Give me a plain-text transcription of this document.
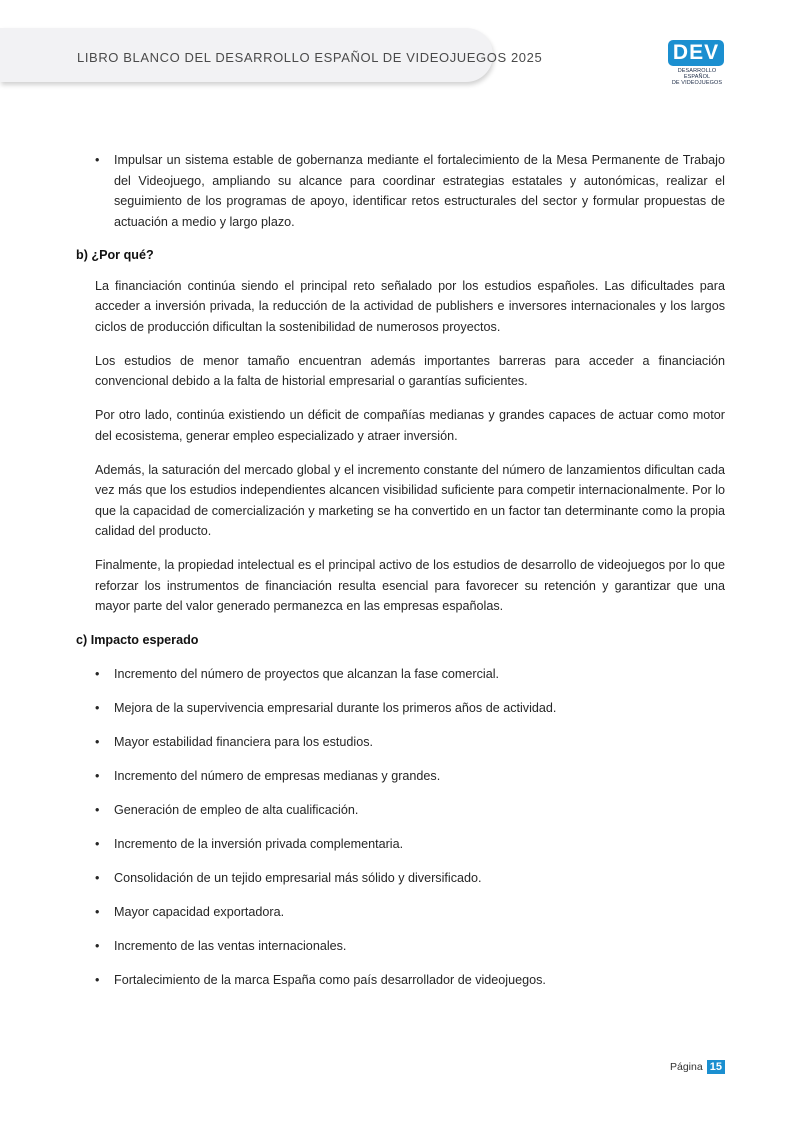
LIBRO BLANCO DEL DESARROLLO ESPAÑOL DE VIDEOJUEGOS 2025	DEV
DESARROLLO ESPAÑOL
DE VIDEOJUEGOS
• Impulsar un sistema estable de gobernanza mediante el fortalecimiento de la Mesa Permanente de Trabajo del Videojuego, ampliando su alcance para coordinar estrategias estatales y autonómicas, realizar el seguimiento de los programas de apoyo, identificar retos estructurales del sector y formular propuestas de actuación a medio y largo plazo.
b) ¿Por qué?

La financiación continúa siendo el principal reto señalado por los estudios españoles. Las dificultades para acceder a inversión privada, la reducción de la actividad de publishers e inversores internacionales y los largos ciclos de producción dificultan la sostenibilidad de numerosos proyectos.

Los estudios de menor tamaño encuentran además importantes barreras para acceder a financiación convencional debido a la falta de historial empresarial o garantías suficientes.

Por otro lado, continúa existiendo un déficit de compañías medianas y grandes capaces de actuar como motor del ecosistema, generar empleo especializado y atraer inversión.

Además, la saturación del mercado global y el incremento constante del número de lanzamientos dificultan cada vez más que los estudios independientes alcancen visibilidad suficiente para competir internacionalmente. Por lo que la capacidad de comercialización y marketing se ha convertido en un factor tan determinante como la propia calidad del producto.

Finalmente, la propiedad intelectual es el principal activo de los estudios de desarrollo de videojuegos por lo que reforzar los instrumentos de financiación resulta esencial para favorecer su retención y garantizar que una mayor parte del valor generado permanezca en las empresas españolas.

c) Impacto esperado
• Incremento del número de proyectos que alcanzan la fase comercial.
• Mejora de la supervivencia empresarial durante los primeros años de actividad.
• Mayor estabilidad financiera para los estudios.
• Incremento del número de empresas medianas y grandes.
• Generación de empleo de alta cualificación.
• Incremento de la inversión privada complementaria.
• Consolidación de un tejido empresarial más sólido y diversificado.
• Mayor capacidad exportadora.
• Incremento de las ventas internacionales.
• Fortalecimiento de la marca España como país desarrollador de videojuegos.
Página 15
